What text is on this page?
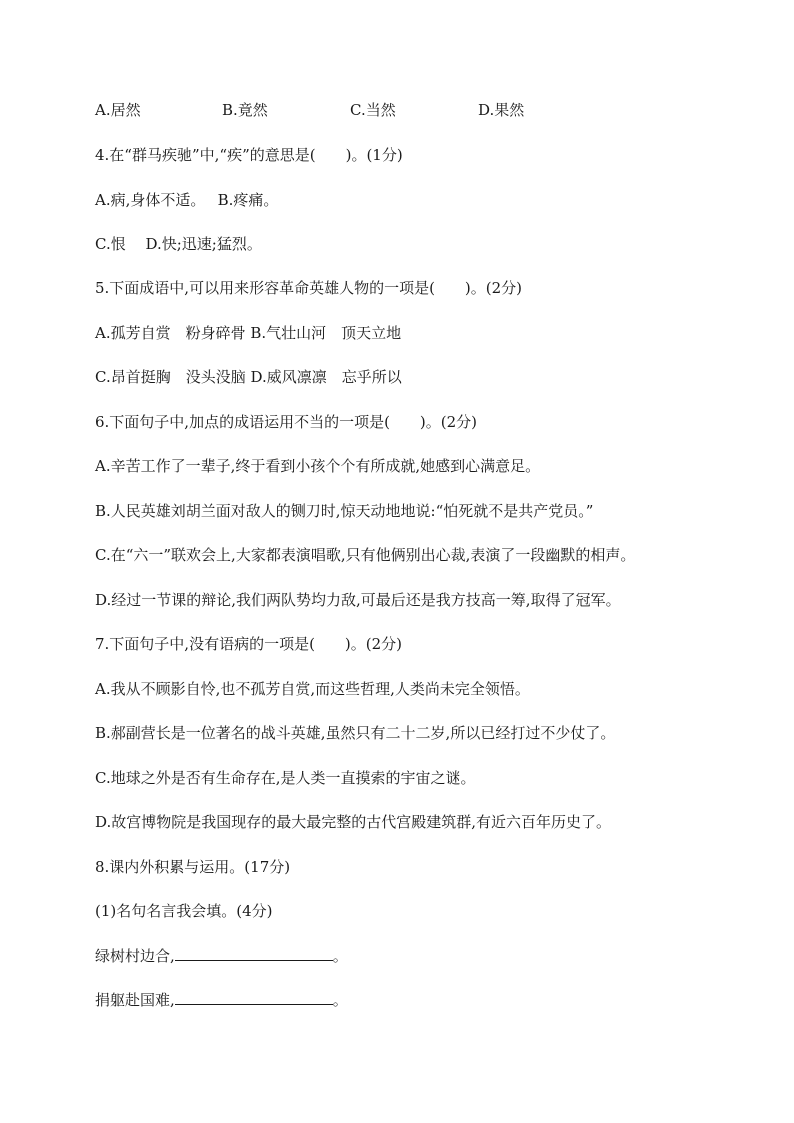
A.居然	B.竟然	C.当然	D.果然
4.在“群马疾驰”中,“疾”的意思是(　　)。(1分)
A.病,身体不适。　 B.疼痛。
C.恨　 D.快;迅速;猛烈。
5.下面成语中,可以用来形容革命英雄人物的一项是(　　)。(2分)
A.孤芳自赏　粉身碎骨 B.气壮山河　顶天立地
C.昂首挺胸　没头没脑 D.威风凛凛　忘乎所以
6.下面句子中,加点的成语运用不当的一项是(　　)。(2分)
A.辛苦工作了一辈子,终于看到小孩个个有所成就,她感到心满意足。
B.人民英雄刘胡兰面对敌人的铡刀时,惊天动地地说:“怕死就不是共产党员。”
C.在“六一”联欢会上,大家都表演唱歌,只有他俩别出心裁,表演了一段幽默的相声。
D.经过一节课的辩论,我们两队势均力敌,可最后还是我方技高一筹,取得了冠军。
7.下面句子中,没有语病的一项是(　　)。(2分)
A.我从不顾影自怜,也不孤芳自赏,而这些哲理,人类尚未完全领悟。
B.郝副营长是一位著名的战斗英雄,虽然只有二十二岁,所以已经打过不少仗了。
C.地球之外是否有生命存在,是人类一直摸索的宇宙之谜。
D.故宫博物院是我国现存的最大最完整的古代宫殿建筑群,有近六百年历史了。
8.课内外积累与运用。(17分)
(1)名句名言我会填。(4分)
绿树村边合,	。
捐躯赴国难,	。
